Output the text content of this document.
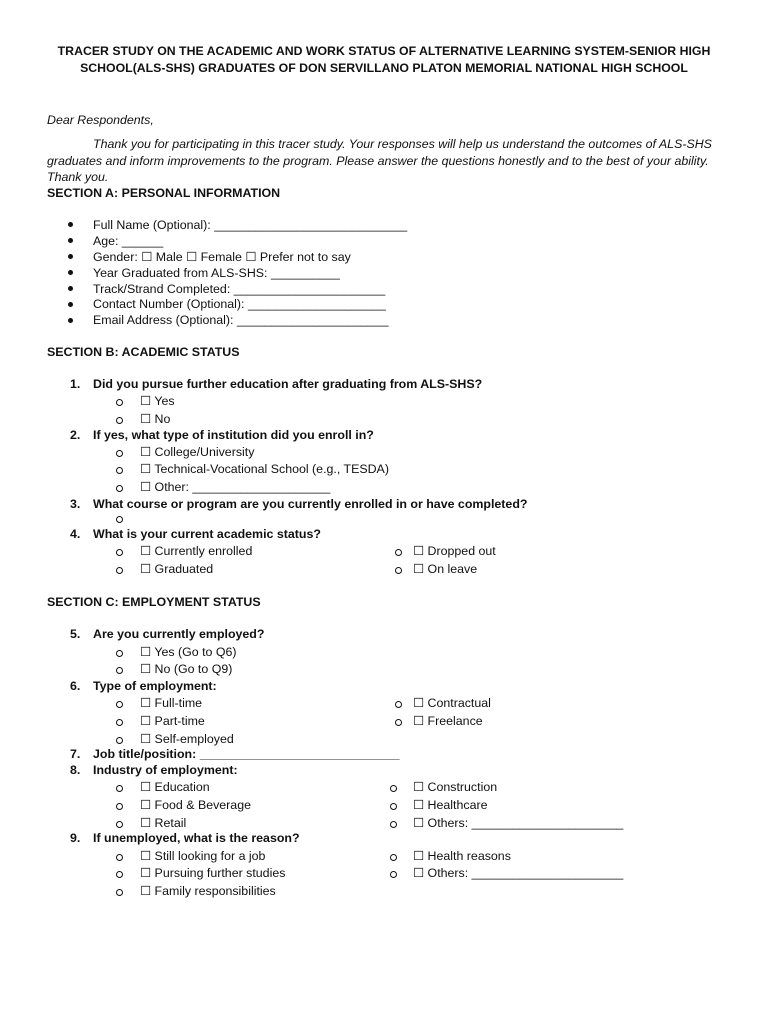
TRACER STUDY ON THE ACADEMIC AND WORK STATUS OF ALTERNATIVE LEARNING SYSTEM-SENIOR HIGH
SCHOOL(ALS-SHS) GRADUATES OF DON SERVILLANO PLATON MEMORIAL NATIONAL HIGH SCHOOL
Dear Respondents,
Thank you for participating in this tracer study. Your responses will help us understand the outcomes of ALS-SHS graduates and inform improvements to the program. Please answer the questions honestly and to the best of your ability. Thank you.
SECTION A: PERSONAL INFORMATION
Full Name (Optional): ____________________________
Age: ______
Gender: ☐ Male ☐ Female ☐ Prefer not to say
Year Graduated from ALS-SHS: __________
Track/Strand Completed: ______________________
Contact Number (Optional): ____________________
Email Address (Optional): ______________________
SECTION B: ACADEMIC STATUS
1. Did you pursue further education after graduating from ALS-SHS?
☐ Yes
☐ No
2. If yes, what type of institution did you enroll in?
☐ College/University
☐ Technical-Vocational School (e.g., TESDA)
☐ Other: ____________________
3. What course or program are you currently enrolled in or have completed?
4. What is your current academic status?
☐ Currently enrolled	☐ Dropped out
☐ Graduated	☐ On leave
SECTION C: EMPLOYMENT STATUS
5. Are you currently employed?
☐ Yes (Go to Q6)
☐ No (Go to Q9)
6. Type of employment:
☐ Full-time	☐ Contractual
☐ Part-time	☐ Freelance
☐ Self-employed
7. Job title/position: _____________________________
8. Industry of employment:
☐ Education	☐ Construction
☐ Food & Beverage	☐ Healthcare
☐ Retail	☐ Others: ______________________
9. If unemployed, what is the reason?
☐ Still looking for a job	☐ Health reasons
☐ Pursuing further studies	☐ Others: ______________________
☐ Family responsibilities
